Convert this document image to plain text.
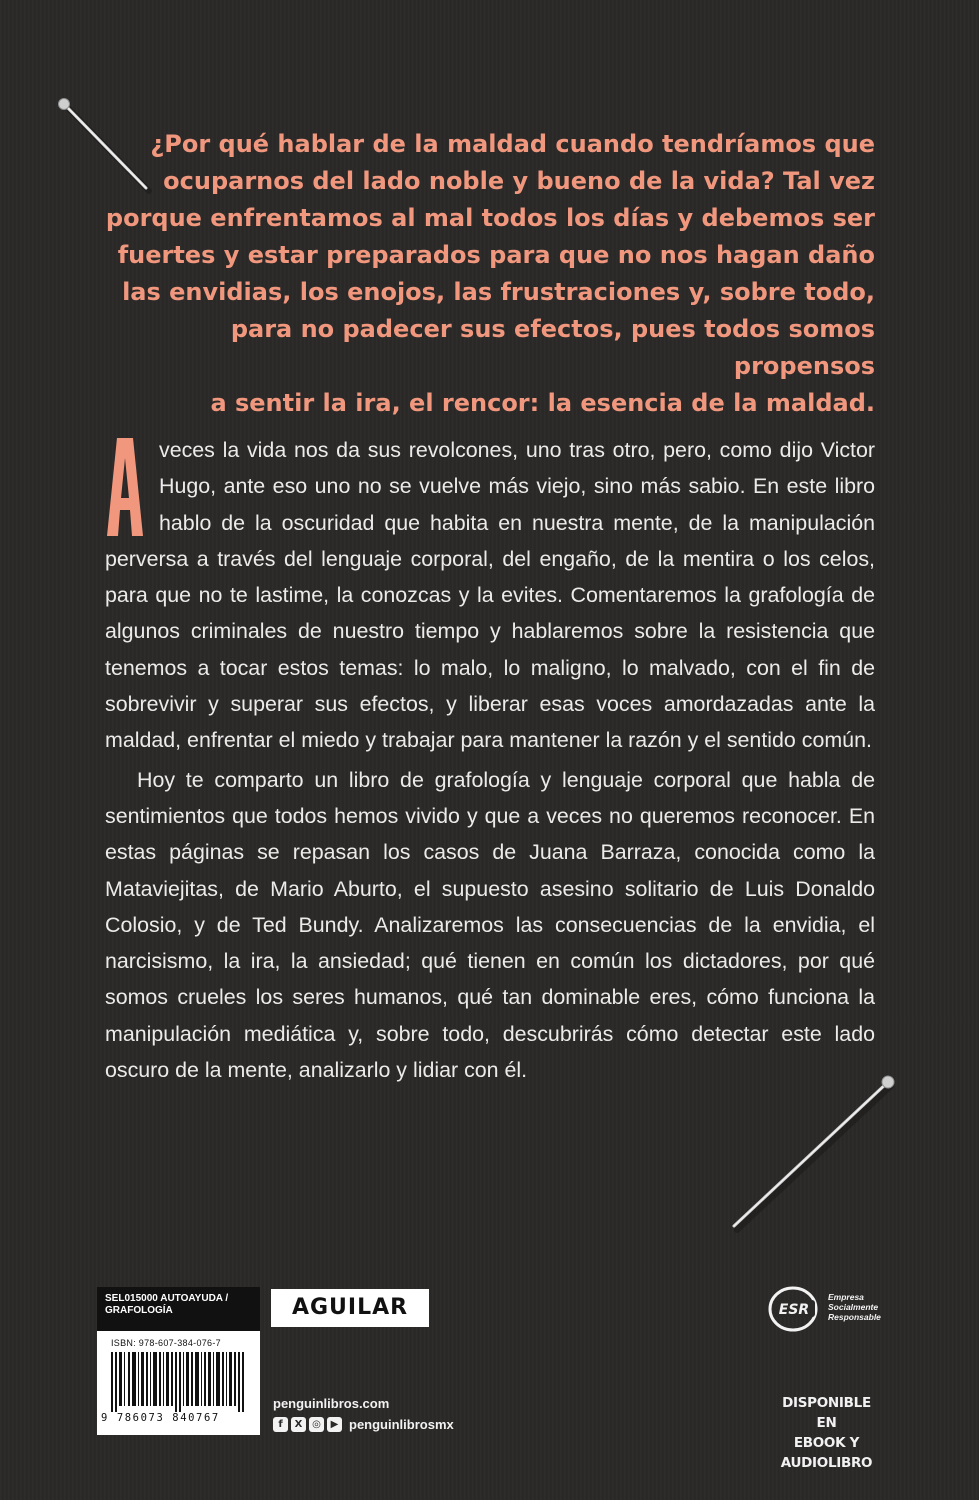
¿Por qué hablar de la maldad cuando tendríamos que
ocuparnos del lado noble y bueno de la vida? Tal vez
porque enfrentamos al mal todos los días y debemos ser
fuertes y estar preparados para que no nos hagan daño
las envidias, los enojos, las frustraciones y, sobre todo,
para no padecer sus efectos, pues todos somos propensos
a sentir la ira, el rencor: la esencia de la maldad.

veces la vida nos da sus revolcones, uno tras otro, pero, como dijo Victor Hugo, ante eso uno no se vuelve más viejo, sino más sabio. En este libro hablo de la oscuridad que habita en nuestra mente, de la manipulación perversa a través del lenguaje corporal, del engaño, de la mentira o los celos, para que no te lastime, la conozcas y la evites. Comentaremos la grafología de algunos criminales de nuestro tiempo y hablaremos sobre la resistencia que tenemos a tocar estos temas: lo malo, lo maligno, lo malvado, con el fin de sobrevivir y superar sus efectos, y liberar esas voces amordazadas ante la maldad, enfrentar el miedo y trabajar para mantener la razón y el sentido común.

Hoy te comparto un libro de grafología y lenguaje corporal que habla de sentimientos que todos hemos vivido y que a veces no queremos reconocer. En estas páginas se repasan los casos de Juana Barraza, conocida como la Mataviejitas, de Mario Aburto, el supuesto asesino solitario de Luis Donaldo Colosio, y de Ted Bundy. Analizaremos las consecuencias de la envidia, el narcisismo, la ira, la ansiedad; qué tienen en común los dictadores, por qué somos crueles los seres humanos, qué tan dominable eres, cómo funciona la manipulación mediática y, sobre todo, descubrirás cómo detectar este lado oscuro de la mente, analizarlo y lidiar con él.

SEL015000 AUTOAYUDA / GRAFOLOGÍA
ISBN: 978-607-384-076-7
9 786073 840767
AGUILAR
penguinlibros.com
f	X ◎ ▶ penguinlibrosmx
ESR
Empresa
Socialmente
Responsable
DISPONIBLE EN
EBOOK Y AUDIOLIBRO
